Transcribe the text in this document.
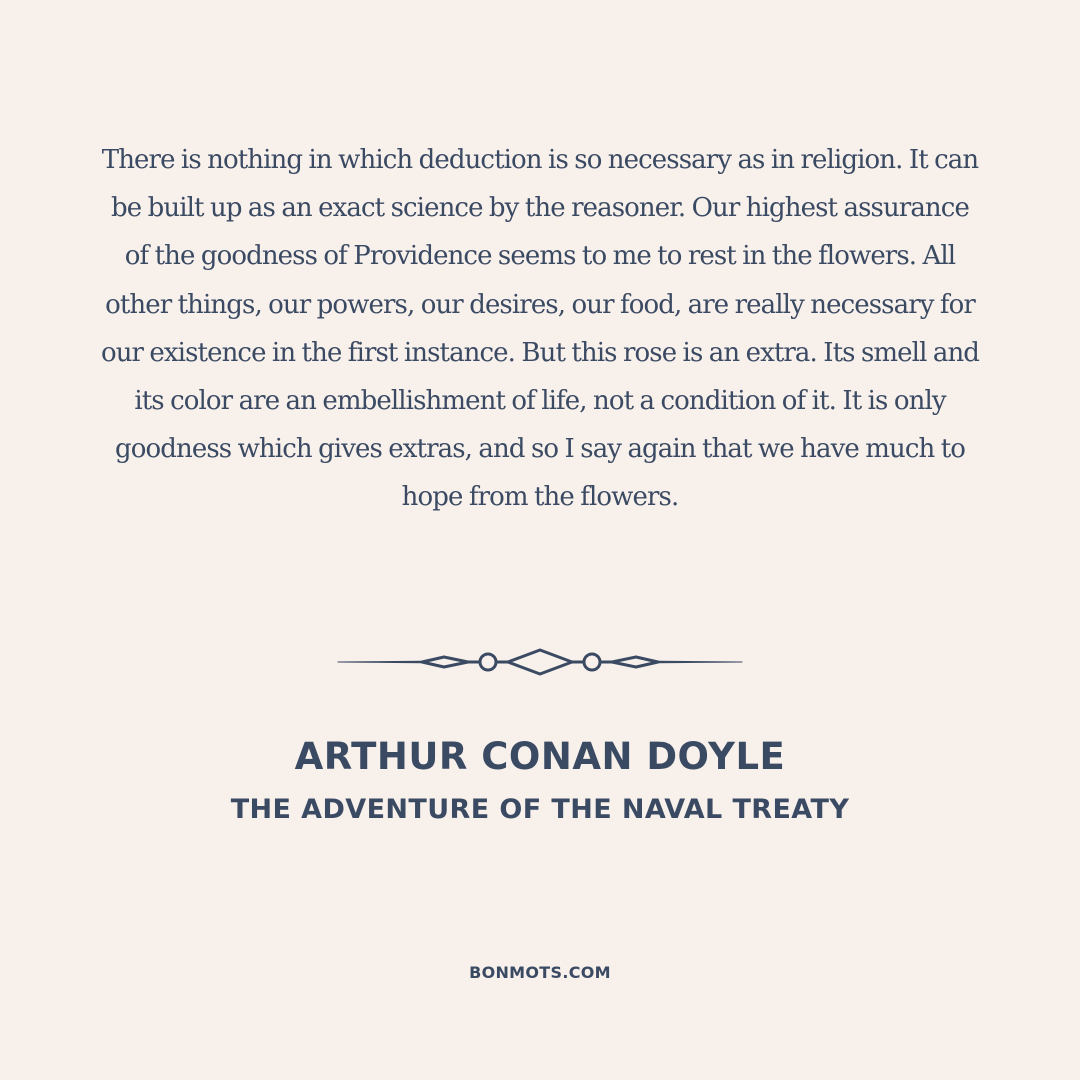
There is nothing in which deduction is so necessary as in religion. It can be built up as an exact science by the reasoner. Our highest assurance of the goodness of Providence seems to me to rest in the flowers. All other things, our powers, our desires, our food, are really necessary for our existence in the first instance. But this rose is an extra. Its smell and its color are an embellishment of life, not a condition of it. It is only goodness which gives extras, and so I say again that we have much to hope from the flowers.

ARTHUR CONAN DOYLE
THE ADVENTURE OF THE NAVAL TREATY
BONMOTS.COM
